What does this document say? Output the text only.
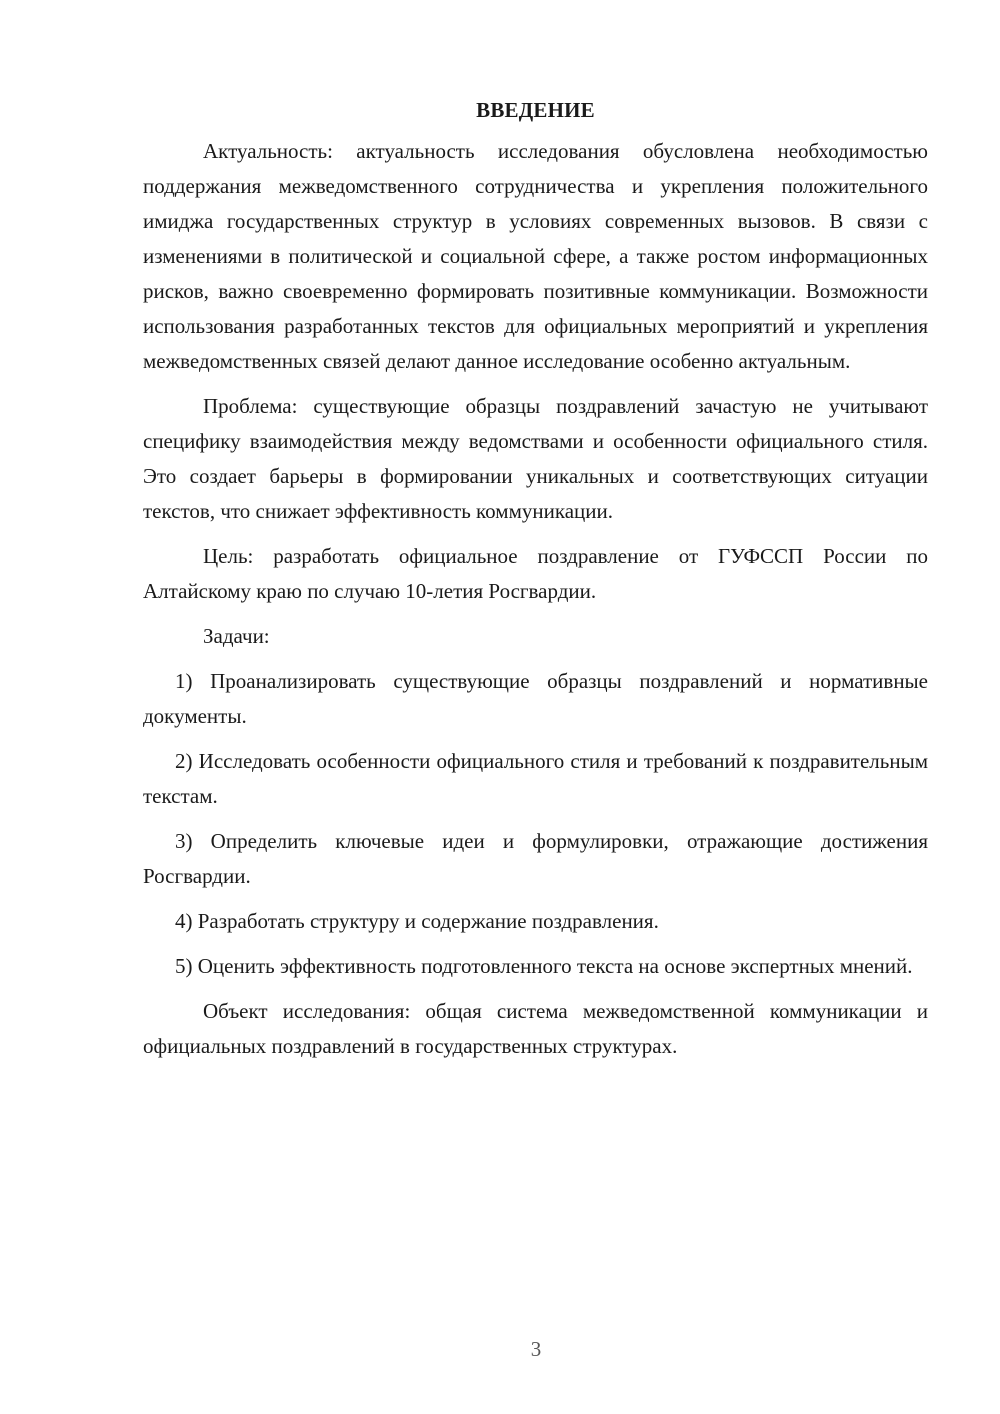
ВВЕДЕНИЕ

Актуальность: актуальность исследования обусловлена необходимостью поддержания межведомственного сотрудничества и укрепления положительного имиджа государственных структур в условиях современных вызовов. В связи с изменениями в политической и социальной сфере, а также ростом информационных рисков, важно своевременно формировать позитивные коммуникации. Возможности использования разработанных текстов для официальных мероприятий и укрепления межведомственных связей делают данное исследование особенно актуальным.

Проблема: существующие образцы поздравлений зачастую не учитывают специфику взаимодействия между ведомствами и особенности официального стиля. Это создает барьеры в формировании уникальных и соответствующих ситуации текстов, что снижает эффективность коммуникации.

Цель: разработать официальное поздравление от ГУФССП России по Алтайскому краю по случаю 10-летия Росгвардии.

Задачи:

1) Проанализировать существующие образцы поздравлений и нормативные документы.

2) Исследовать особенности официального стиля и требований к поздравительным текстам.

3) Определить ключевые идеи и формулировки, отражающие достижения Росгвардии.

4) Разработать структуру и содержание поздравления.

5) Оценить эффективность подготовленного текста на основе экспертных мнений.

Объект исследования: общая система межведомственной коммуникации и официальных поздравлений в государственных структурах.

3
